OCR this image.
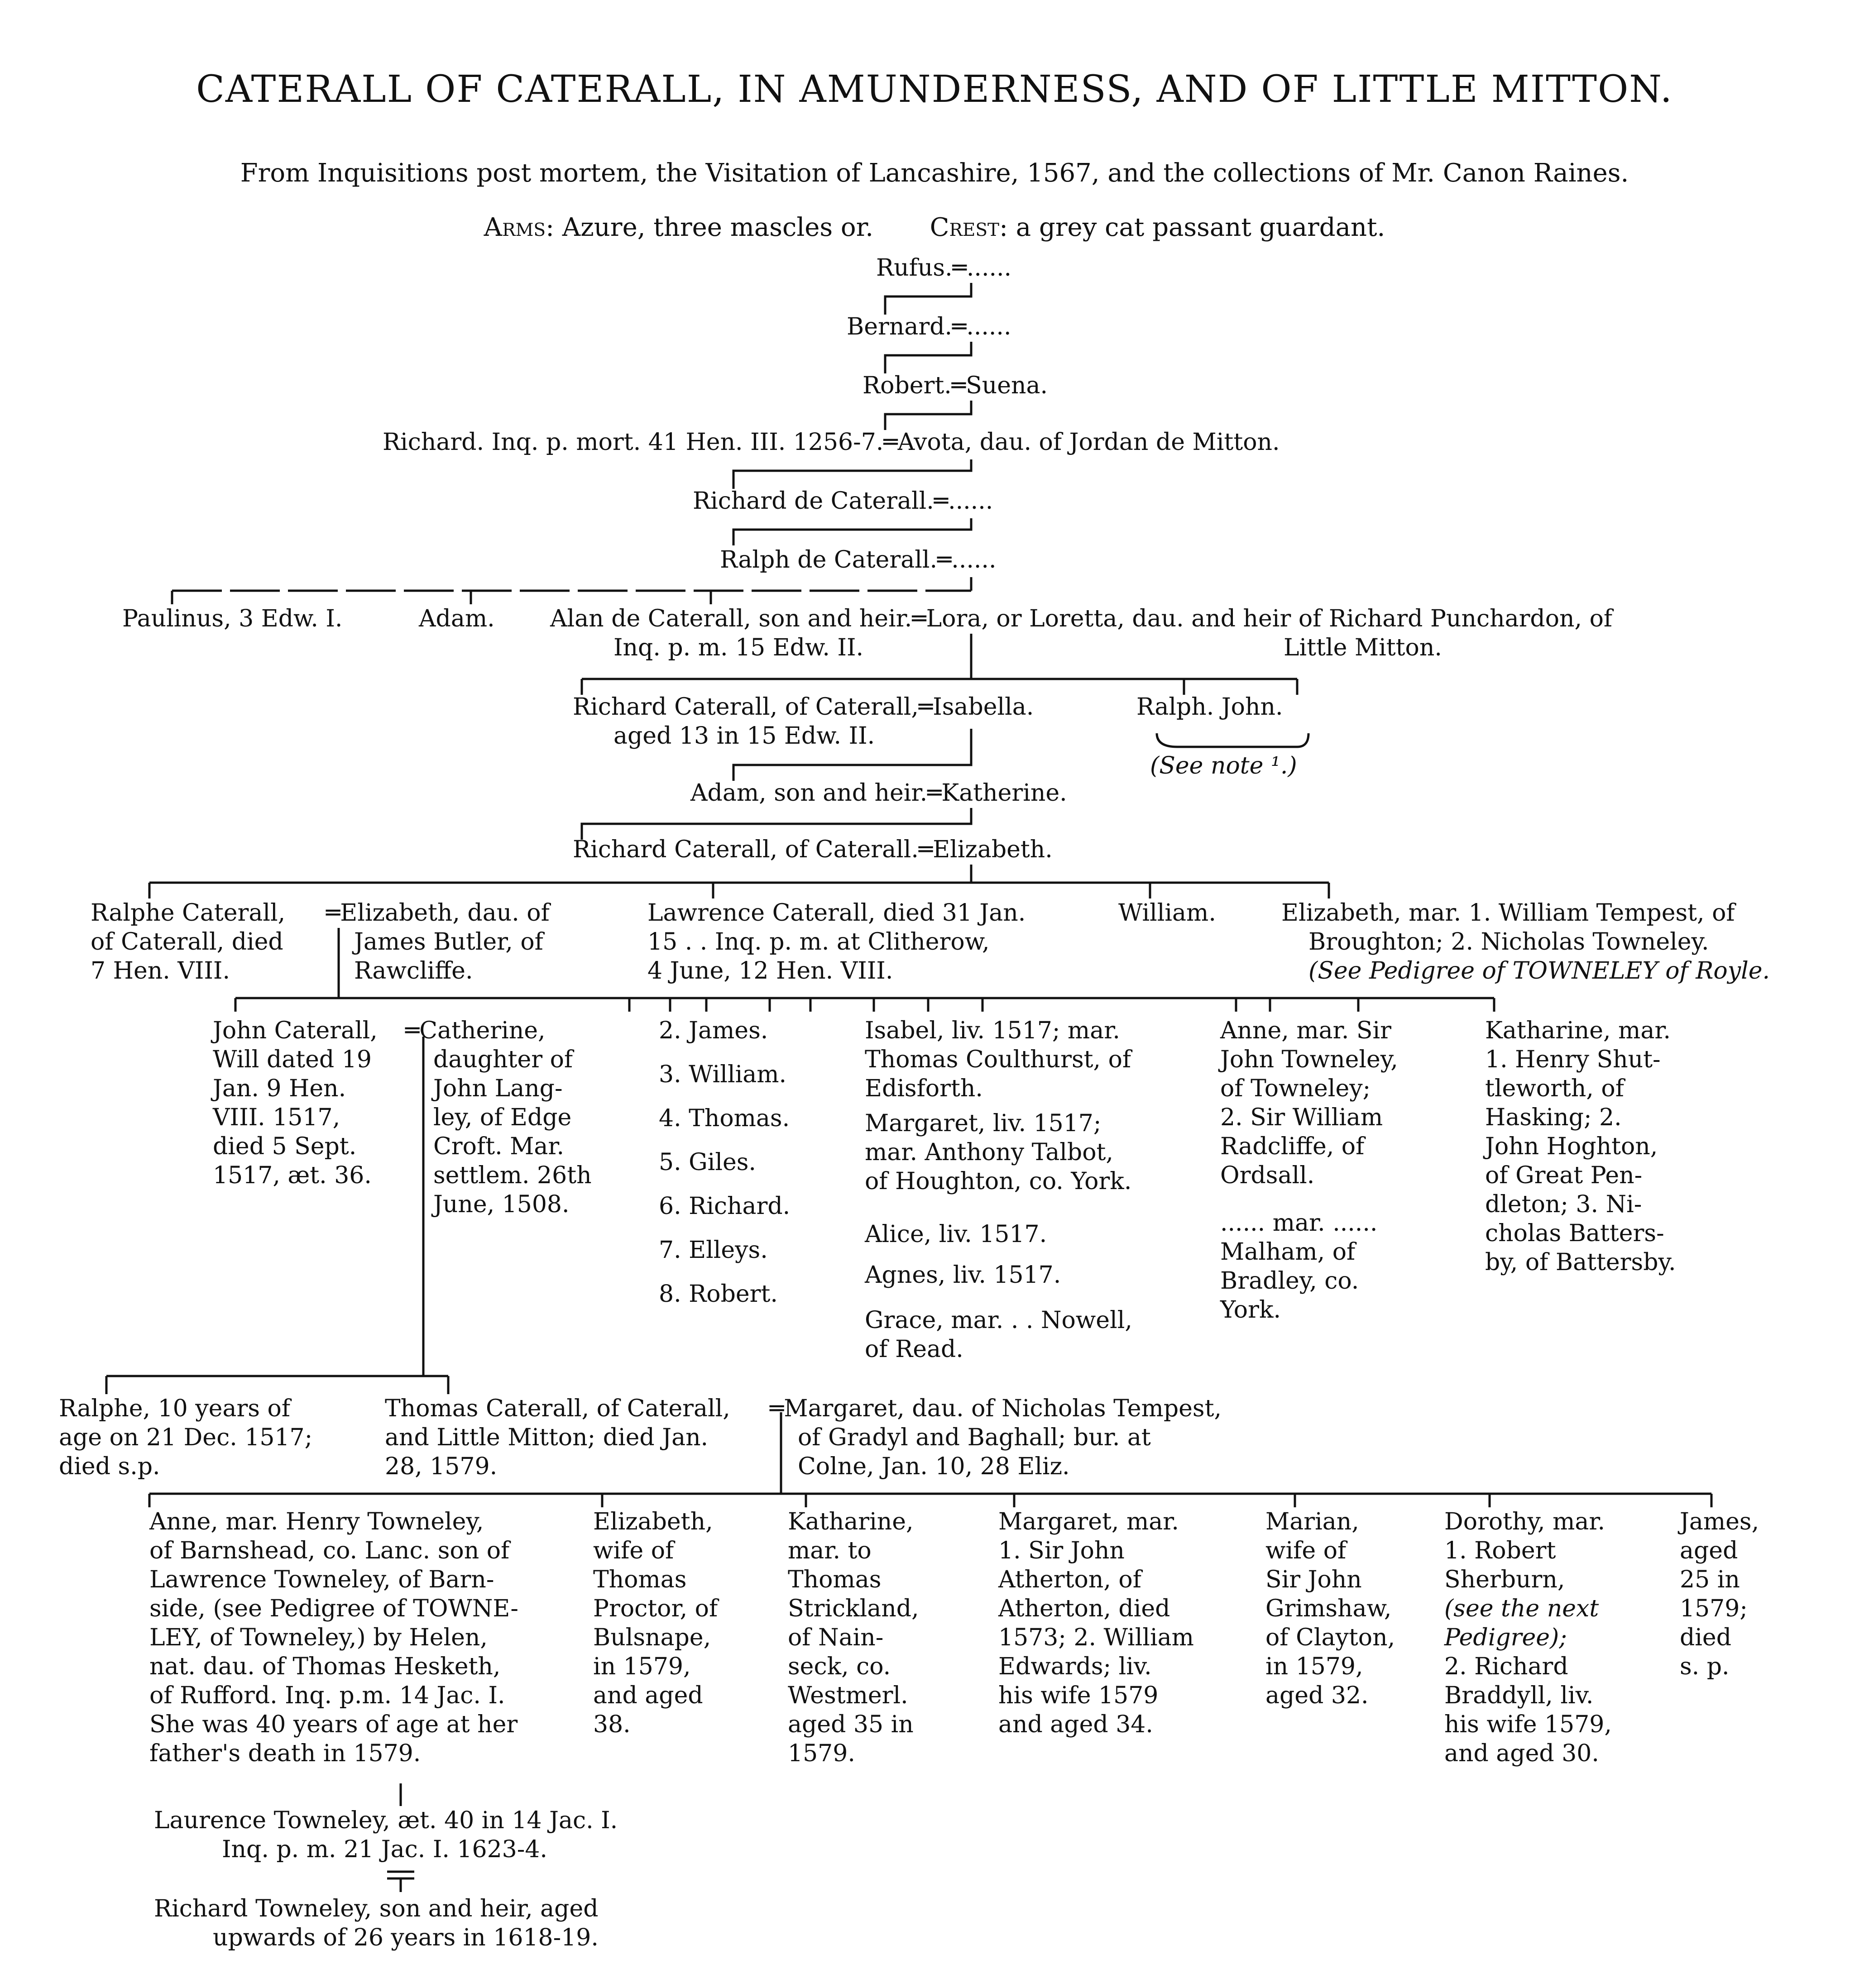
CATERALL OF CATERALL, IN AMUNDERNESS, AND OF LITTLE MITTON.
From Inquisitions post mortem, the Visitation of Lancashire, 1567, and the collections of Mr. Canon Raines.
Arms: Azure, three mascles or. Crest: a grey cat passant guardant.
Rufus.═......
Bernard.═......
Robert.═Suena.
Richard. Inq. p. mort. 41 Hen. III. 1256-7.═Avota, dau. of Jordan de Mitton.
Richard de Caterall.═......
Ralph de Caterall.═......
Paulinus, 3 Edw. I.	Adam. Alan de Caterall, son and heir.═Lora, or Loretta, dau. and heir of Richard Punchardon, of
Inq. p. m. 15 Edw. II.	Little Mitton.
Richard Caterall, of Caterall,═Isabella.
aged 13 in 15 Edw. II.
Ralph. John.
(See note ¹.)
Adam, son and heir.═Katherine.
Richard Caterall, of Caterall.═Elizabeth.
Ralphe Caterall,
of Caterall, died
7 Hen. VIII.
═Elizabeth, dau. of
James Butler, of
Rawcliffe.
Lawrence Caterall, died 31 Jan.
15 . . Inq. p. m. at Clitherow,
4 June, 12 Hen. VIII.
William.	Elizabeth, mar. 1. William Tempest, of
Broughton; 2. Nicholas Towneley.
(See Pedigree of TOWNELEY of Royle.
John Caterall,
Will dated 19
Jan. 9 Hen.
VIII. 1517,
died 5 Sept.
1517, æt. 36.
═Catherine,
daughter of
John Lang-
ley, of Edge
Croft. Mar.
settlem. 26th
June, 1508.
2. James.
3. William.
4. Thomas.
5. Giles.
6. Richard.
7. Elleys.
8. Robert.
Isabel, liv. 1517; mar.
Thomas Coulthurst, of
Edisforth.
Margaret, liv. 1517;
mar. Anthony Talbot,
of Houghton, co. York.
Alice, liv. 1517.
Agnes, liv. 1517.
Grace, mar. . . Nowell,
of Read.
Anne, mar. Sir
John Towneley,
of Towneley;
2. Sir William
Radcliffe, of
Ordsall.
...... mar. ......
Malham, of
Bradley, co.
York.
Katharine, mar.
1. Henry Shut-
tleworth, of
Hasking; 2.
John Hoghton,
of Great Pen-
dleton; 3. Ni-
cholas Batters-
by, of Battersby.
Ralphe, 10 years of
age on 21 Dec. 1517;
died s.p.
Thomas Caterall, of Caterall,
and Little Mitton; died Jan.
28, 1579.
═Margaret, dau. of Nicholas Tempest,
of Gradyl and Baghall; bur. at
Colne, Jan. 10, 28 Eliz.
Anne, mar. Henry Towneley,
of Barnshead, co. Lanc. son of
Lawrence Towneley, of Barn-
side, (see Pedigree of TOWNE-
LEY, of Towneley,) by Helen,
nat. dau. of Thomas Hesketh,
of Rufford. Inq. p.m. 14 Jac. I.
She was 40 years of age at her
father's death in 1579.
Elizabeth,
wife of
Thomas
Proctor, of
Bulsnape,
in 1579,
and aged
38.
Katharine,
mar. to
Thomas
Strickland,
of Nain-
seck, co.
Westmerl.
aged 35 in
1579.
Margaret, mar.
1. Sir John
Atherton, of
Atherton, died
1573; 2. William
Edwards; liv.
his wife 1579
and aged 34.
Marian,
wife of
Sir John
Grimshaw,
of Clayton,
in 1579,
aged 32.
Dorothy, mar.
1. Robert
Sherburn,
(see the next
Pedigree);
2. Richard
Braddyll, liv.
his wife 1579,
and aged 30.
James,
aged
25 in
1579;
died
s. p.
Laurence Towneley, æt. 40 in 14 Jac. I.
Inq. p. m. 21 Jac. I. 1623-4.
Richard Towneley, son and heir, aged
upwards of 26 years in 1618-19.
